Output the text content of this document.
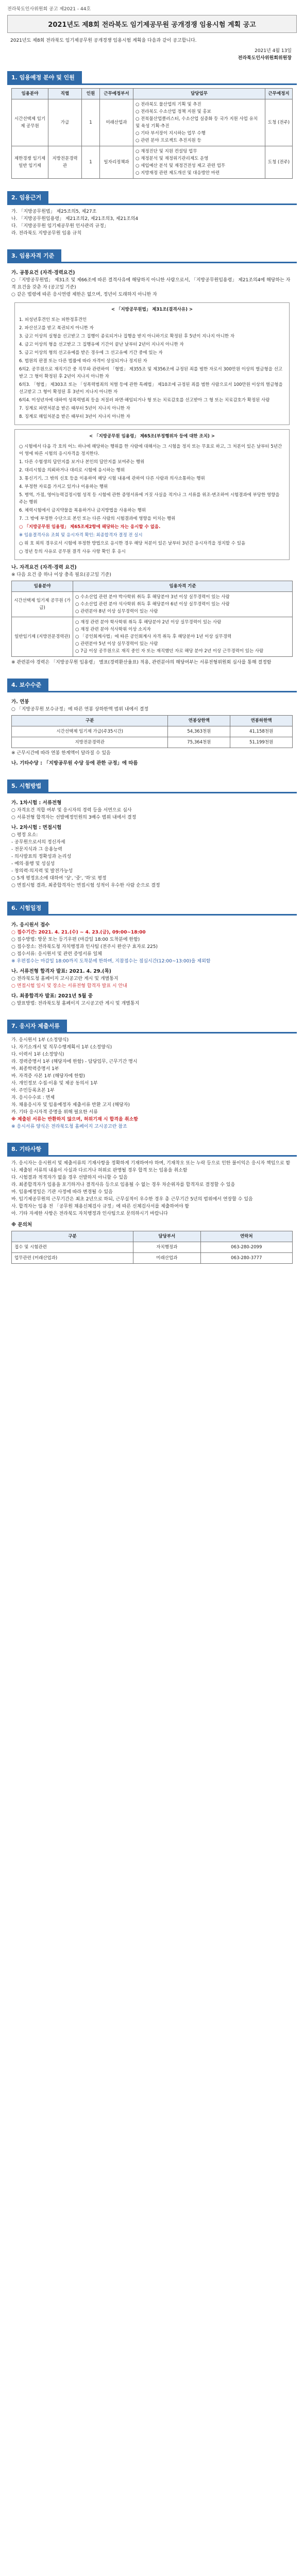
전라북도인사위원회 공고 제2021 - 44호
2021년도 제8회 전라북도 임기제공무원 공개경쟁 임용시험 계획 공고
2021년도 제8회 전라북도 임기제공무원 공개경쟁 임용시험 계획을 다음과 같이 공고합니다.
2021년 4월 13일
전라북도인사위원회위원장
1. 임용예정 분야 및 인원
임용분야	직렬	인원	근무예정부서	담당업무	근무예정지
시간선택제 임기제 공무원	가급	1	미래산업과	○ 전라북도 물산업의 기획 및 추진
○ 전라북도 수소산업 정책 지원 및 홍보
○ 전북물산업클러스터, 수소산업 실증화 등 국가 지원 사업 유치 및 육성 기획·추진
○ 기타 부서장이 지시하는 업무 수행
○ 관련 분야 프로젝트 추진지원 등	도청 (전주)
제한경쟁 임기제 일반 임기제	지방전문경력관	1	일자리정책과	○ 재정진단 및 지원 컨설팅 업무
○ 재정분석 및 재정위기관리제도 운영
○ 세입예산 분석 및 재정건전성 제고 관련 업무
○ 지방재정 관련 제도개선 및 대응방안 마련	도청 (전주)
2. 임용근거
가. 「지방공무원법」 제25조의5, 제27조
나. 「지방공무원임용령」 제21조의2, 제21조의3, 제21조의4
다. 「지방공무원 임기제공무원 인사관리 규정」
라. 전라북도 지방공무원 임용 규칙
3. 임용자격 기준
가. 공통요건 (자격·경력요건)
○ 「지방공무원법」 제31조 및 제66조에 따른 결격사유에 해당하지 아니한 사람으로서, 「지방공무원임용령」 제21조의4에 해당하는 자격 요건을 갖춘 자 (공고일 기준)
○ 같은 법령에 따른 응시연령 제한은 없으며, 정년이 도래하지 아니한 자
< 「지방공무원법」 제31조(결격사유) >
1. 피성년후견인 또는 피한정후견인
2. 파산선고를 받고 복권되지 아니한 자
3. 금고 이상의 실형을 선고받고 그 집행이 종료되거나 집행을 받지 아니하기로 확정된 후 5년이 지나지 아니한 자
4. 금고 이상의 형을 선고받고 그 집행유예 기간이 끝난 날부터 2년이 지나지 아니한 자
5. 금고 이상의 형의 선고유예를 받은 경우에 그 선고유예 기간 중에 있는 자
6. 법원의 판결 또는 다른 법률에 따라 자격이 상실되거나 정지된 자
6의2. 공무원으로 재직기간 중 직무와 관련하여 「형법」 제355조 및 제356조에 규정된 죄를 범한 자로서 300만원 이상의 벌금형을 선고받고 그 형이 확정된 후 2년이 지나지 아니한 자
6의3. 「형법」 제303조 또는 「성폭력범죄의 처벌 등에 관한 특례법」 제10조에 규정된 죄를 범한 사람으로서 100만원 이상의 벌금형을 선고받고 그 형이 확정된 후 3년이 지나지 아니한 자
6의4. 미성년자에 대하여 성폭력범죄 등을 저질러 파면·해임되거나 형 또는 치료감호를 선고받아 그 형 또는 치료감호가 확정된 사람
7. 징계로 파면처분을 받은 때부터 5년이 지나지 아니한 자
8. 징계로 해임처분을 받은 때부터 3년이 지나지 아니한 자
< 「지방공무원 임용령」 제65조(부정행위자 등에 대한 조치) >
○ 시험에서 다음 각 호의 어느 하나에 해당하는 행위를 한 사람에 대해서는 그 시험을 정지 또는 무효로 하고, 그 처분이 있은 날부터 5년간 이 영에 따른 시험의 응시자격을 정지한다.
1. 다른 수험생의 답안지를 보거나 본인의 답안지를 보여주는 행위
2. 대리시험을 의뢰하거나 대리로 시험에 응시하는 행위
3. 통신기기, 그 밖의 신호 등을 이용하여 해당 시험 내용에 관하여 다른 사람과 의사소통하는 행위
4. 부정한 자료를 가지고 있거나 이용하는 행위
5. 병역, 가점, 영어능력검정시험 성적 등 시험에 관한 증명서류에 거짓 사실을 적거나 그 서류를 위조·변조하여 시험결과에 부당한 영향을 주는 행위
6. 체력시험에서 금지약물을 복용하거나 금지방법을 사용하는 행위
7. 그 밖에 부정한 수단으로 본인 또는 다른 사람의 시험결과에 영향을 미치는 행위
○ 「지방공무원 임용령」 제65조제2항에 해당하는 자는 응시할 수 없음.
※ 임용결격사유 조회 및 응시자격 확인: 최종합격자 결정 전 실시
○ 위 호 외의 경우로서 시험에 부정한 방법으로 응시한 경우 해당 처분이 있은 날부터 3년간 응시자격을 정지할 수 있음
○ 정년 등의 사유로 공무원 결격 사유 사항 확인 후 응시
나. 자격요건 (자격·경력 요건)
※ 다음 요건 중 하나 이상 충족 필요(공고일 기준)
임용분야	임용자격 기준
시간선택제 임기제 공무원 (가급)	○ 수소산업 관련 분야 박사학위 취득 후 해당분야 3년 이상 실무경력이 있는 사람
○ 수소산업 관련 분야 석사학위 취득 후 해당분야 6년 이상 실무경력이 있는 사람
○ 관련분야 8년 이상 실무경력이 있는 사람

일반임기제 (지방전문경력관)	○ 재정 관련 분야 학사학위 취득 후 해당분야 2년 이상 실무경력이 있는 사람
○ 재정 관련 분야 석사학위 이상 소지자
○ 「공인회계사법」에 따른 공인회계사 자격 취득 후 해당분야 1년 이상 실무경력
○ 관련분야 5년 이상 실무경력이 있는 사람
○ 7급 이상 공무원으로 재직 중인 자 또는 재직했던 자로 해당 분야 2년 이상 근무경력이 있는 사람
※ 관련분야 경력은 「지방공무원 임용령」 별표(경력환산율표) 적용, 관련분야의 해당여부는 서류전형위원회 심사를 통해 결정함
4. 보수수준
가. 연봉
○ 「지방공무원 보수규정」에 따른 연봉 상하한액 범위 내에서 결정
구분	연봉상한액	연봉하한액
시간선택제 임기제 가급(주35시간)	54,363천원	41,158천원
지방전문경력관	75,364천원	51,199천원
※ 근무시간에 따라 연봉 한계액이 달라질 수 있음
나. 기타수당 : 「지방공무원 수당 등에 관한 규정」에 따름
5. 시험방법
가. 1차시험 : 서류전형
○ 자격요건 적합 여부 및 응시자의 경력 등을 서면으로 심사
○ 서류전형 합격자는 선발예정인원의 3배수 범위 내에서 결정
나. 2차시험 : 면접시험
○ 평정 요소:
- 공무원으로서의 정신자세
- 전문지식과 그 응용능력
- 의사발표의 정확성과 논리성
- 예의·품행 및 성실성
- 창의력·의지력 및 발전가능성
○ 5개 평정요소에 대하여 '상', '중', '하'로 평정
○ 면접시험 결과, 최종합격자는 면접시험 성적이 우수한 사람 순으로 결정
6. 시험일정
가. 응시원서 접수
○ 접수기간: 2021. 4. 21.(수) ~ 4. 23.(금), 09:00~18:00
○ 접수방법: 방문 또는 등기우편 (마감일 18:00 도착분에 한함)
○ 접수장소: 전라북도청 자치행정과 인사팀 (전주시 완산구 효자로 225)
○ 접수서류: 응시원서 및 관련 증빙서류 일체
※ 우편접수는 마감일 18:00까지 도착분에 한하며, 지참접수는 점심시간(12:00~13:00)을 제외함
나. 서류전형 합격자 발표: 2021. 4. 29.(목)
○ 전라북도청 홈페이지 고시공고란 게시 및 개별통지
○ 면접시험 일시 및 장소는 서류전형 합격자 발표 시 안내
다. 최종합격자 발표: 2021년 5월 중
○ 발표방법: 전라북도청 홈페이지 고시공고란 게시 및 개별통지
7. 응시자 제출서류
가. 응시원서 1부 (소정양식)
나. 자기소개서 및 직무수행계획서 1부 (소정양식)
다. 이력서 1부 (소정양식)
라. 경력증명서 1부 (해당자에 한함) - 담당업무, 근무기간 명시
마. 최종학력증명서 1부
바. 자격증 사본 1부 (해당자에 한함)
사. 개인정보 수집·이용 및 제공 동의서 1부
아. 주민등록초본 1부
자. 응시수수료 : 면제
차. 채용응시자 및 임용예정자 제출서류 반환 고지 (해당자)
카. 기타 응시자격 증명을 위해 필요한 서류
※ 제출된 서류는 반환하지 않으며, 허위기재 시 합격을 취소함
※ 응시서류 양식은 전라북도청 홈페이지 고시공고란 참조
8. 기타사항
가. 응시자는 응시원서 및 제출서류의 기재사항을 정확하게 기재하여야 하며, 기재착오 또는 누락 등으로 인한 불이익은 응시자 책임으로 함
나. 제출된 서류의 내용이 사실과 다르거나 허위로 판명될 경우 합격 또는 임용을 취소함
다. 시험결과 적격자가 없을 경우 선발하지 아니할 수 있음
라. 최종합격자가 임용을 포기하거나 결격사유 등으로 임용될 수 없는 경우 차순위자를 합격자로 결정할 수 있음
마. 임용예정일은 기관 사정에 따라 변경될 수 있음
바. 임기제공무원의 근무기간은 최초 2년으로 하되, 근무실적이 우수한 경우 총 근무기간 5년의 범위에서 연장할 수 있음
사. 합격자는 임용 전 「공무원 채용신체검사 규정」에 따른 신체검사서를 제출하여야 함
아. 기타 자세한 사항은 전라북도 자치행정과 인사팀으로 문의하시기 바랍니다
※ 문의처
구분	담당부서	연락처
접수 및 시험관련	자치행정과	063-280-2099
업무관련 (미래산업과)	미래산업과	063-280-3777
